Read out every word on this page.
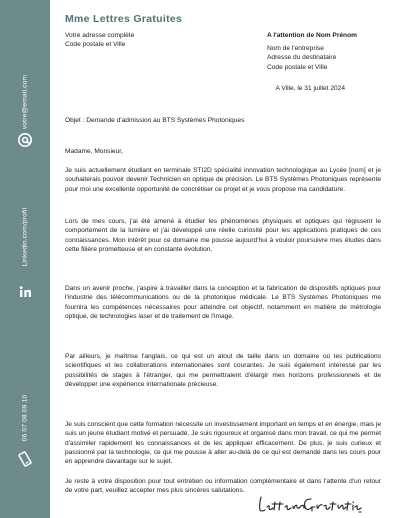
votre@email.com
Linkedin.com/profil
06 07 08 09 10
Mme Lettres Gratuites
Votre adresse complète
Code postale et Ville
A l'attention de Nom Prénom
Nom de l'entreprise
Adresse du destinataire
Code postale et Ville
A Ville, le 31 juillet 2024
Objet : Demande d'admission au BTS Systèmes Photoniques
Madame, Monsieur,

Je suis actuellement étudiant en terminale STI2D spécialité innovation technologique au Lycée [nom] et je souhaiterais pouvoir devenir Technicien en optique de précision. Le BTS Systèmes Photoniques représente pour moi une excellente opportunité de concrétiser ce projet et je vous propose ma candidature.

Lors de mes cours, j'ai été amené à étudier les phénomènes physiques et optiques qui régissent le comportement de la lumière et j'ai développé une réelle curiosité pour les applications pratiques de ces connaissances. Mon intérêt pour ce domaine me pousse aujourd'hui à vouloir poursuivre mes études dans cette filière prometteuse et en constante évolution.

Dans un avenir proche, j'aspire à travailler dans la conception et la fabrication de dispositifs optiques pour l'industrie des télécommunications ou de la photonique médicale. Le BTS Systèmes Photoniques me fournira les compétences nécessaires pour atteindre cet objectif, notamment en matière de métrologie optique, de technologies laser et de traitement de l'image.

Par ailleurs, je maîtrise l'anglais, ce qui est un atout de taille dans un domaine où les publications scientifiques et les collaborations internationales sont courantes. Je suis également intéressé par les possibilités de stages à l'étranger, qui me permettraient d'élargir mes horizons professionnels et de développer une expérience internationale précieuse.

Je suis conscient que cette formation nécessite un investissement important en temps et en énergie, mais je suis un jeune étudiant motivé et persuadé. Je suis rigoureux et organisé dans mon travail, ce qui me permet d'assimiler rapidement les connaissances et de les appliquer efficacement. De plus, je suis curieux et passionné par la technologie, ce qui me pousse à aller au-delà de ce qui est demandé dans les cours pour en apprendre davantage sur le sujet.

Je reste à votre disposition pour tout entretien ou information complémentaire et dans l'attente d'un retour de votre part, veuillez accepter mes plus sincères salutations.
